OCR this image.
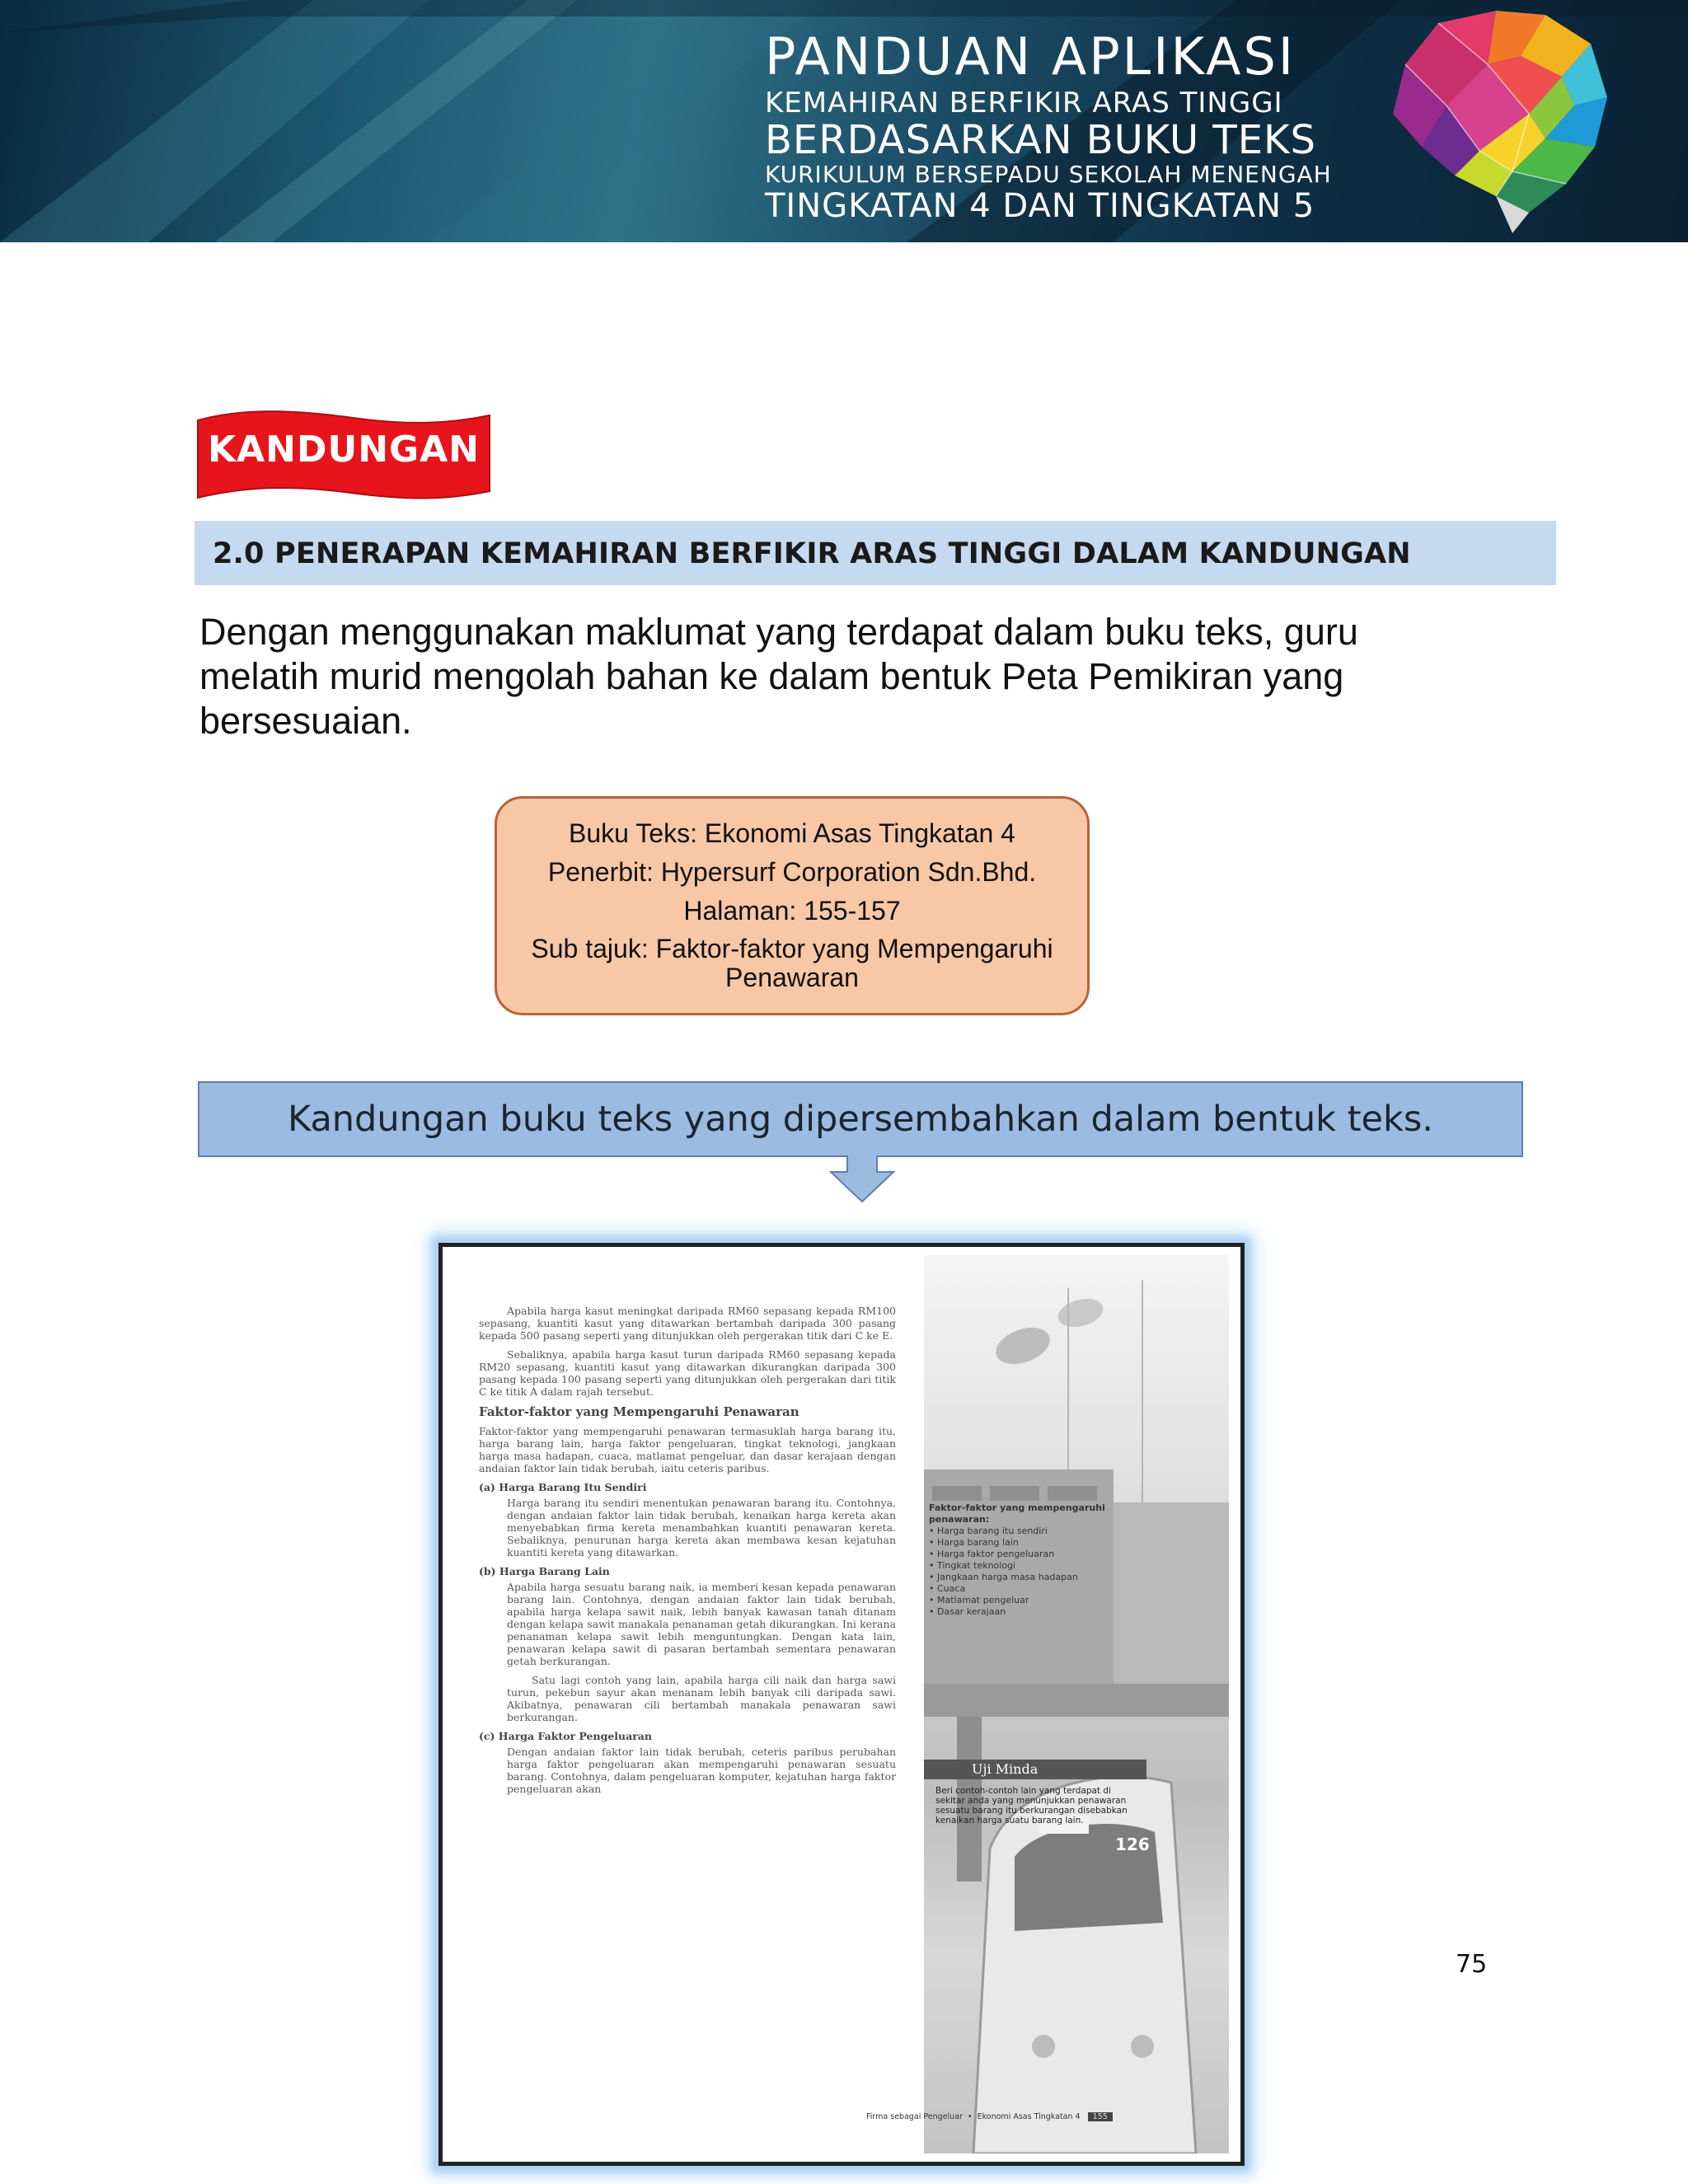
PANDUAN APLIKASI
KEMAHIRAN BERFIKIR ARAS TINGGI
BERDASARKAN BUKU TEKS
KURIKULUM BERSEPADU SEKOLAH MENENGAH
TINGKATAN 4 DAN TINGKATAN 5
KANDUNGAN
2.0 PENERAPAN KEMAHIRAN BERFIKIR ARAS TINGGI DALAM KANDUNGAN
Dengan menggunakan maklumat yang terdapat dalam buku teks, guru melatih murid mengolah bahan ke dalam bentuk Peta Pemikiran yang bersesuaian.
Buku Teks: Ekonomi Asas Tingkatan 4
Penerbit: Hypersurf Corporation Sdn.Bhd.
Halaman: 155-157
Sub tajuk: Faktor-faktor yang Mempengaruhi Penawaran
Kandungan buku teks yang dipersembahkan dalam bentuk teks.

Apabila harga kasut meningkat daripada RM60 sepasang kepada RM100 sepasang, kuantiti kasut yang ditawarkan bertambah daripada 300 pasang kepada 500 pasang seperti yang ditunjukkan oleh pergerakan titik dari C ke E.

Sebaliknya, apabila harga kasut turun daripada RM60 sepasang kepada RM20 sepasang, kuantiti kasut yang ditawarkan dikurangkan daripada 300 pasang kepada 100 pasang seperti yang ditunjukkan oleh pergerakan dari titik C ke titik A dalam rajah tersebut.

Faktor-faktor yang Mempengaruhi Penawaran

Faktor-faktor yang mempengaruhi penawaran termasuklah harga barang itu, harga barang lain, harga faktor pengeluaran, tingkat teknologi, jangkaan harga masa hadapan, cuaca, matlamat pengeluar, dan dasar kerajaan dengan andaian faktor lain tidak berubah, iaitu ceteris paribus.

(a) Harga Barang Itu Sendiri

Harga barang itu sendiri menentukan penawaran barang itu. Contohnya, dengan andaian faktor lain tidak berubah, kenaikan harga kereta akan menyebabkan firma kereta menambahkan kuantiti penawaran kereta. Sebaliknya, penurunan harga kereta akan membawa kesan kejatuhan kuantiti kereta yang ditawarkan.

(b) Harga Barang Lain

Apabila harga sesuatu barang naik, ia memberi kesan kepada penawaran barang lain. Contohnya, dengan andaian faktor lain tidak berubah, apabila harga kelapa sawit naik, lebih banyak kawasan tanah ditanam dengan kelapa sawit manakala penanaman getah dikurangkan. Ini kerana penanaman kelapa sawit lebih menguntungkan. Dengan kata lain, penawaran kelapa sawit di pasaran bertambah sementara penawaran getah berkurangan.

Satu lagi contoh yang lain, apabila harga cili naik dan harga sawi turun, pekebun sayur akan menanam lebih banyak cili daripada sawi. Akibatnya, penawaran cili bertambah manakala penawaran sawi berkurangan.

(c) Harga Faktor Pengeluaran

Dengan andaian faktor lain tidak berubah, ceteris paribus perubahan harga faktor pengeluaran akan mempengaruhi penawaran sesuatu barang. Contohnya, dalam pengeluaran komputer, kejatuhan harga faktor pengeluaran akan

Faktor-faktor yang mempengaruhi penawaran:
• Harga barang itu sendiri
• Harga barang lain
• Harga faktor pengeluaran
• Tingkat teknologi
• Jangkaan harga masa hadapan
• Cuaca
• Matlamat pengeluar
• Dasar kerajaan
Uji Minda
Beri contoh-contoh lain yang terdapat di sekitar anda yang menunjukkan penawaran sesuatu barang itu berkurangan disebabkan kenaikan harga suatu barang lain.
126
Firma sebagai Pengeluar  •  Ekonomi Asas Tingkatan 4 155
75
